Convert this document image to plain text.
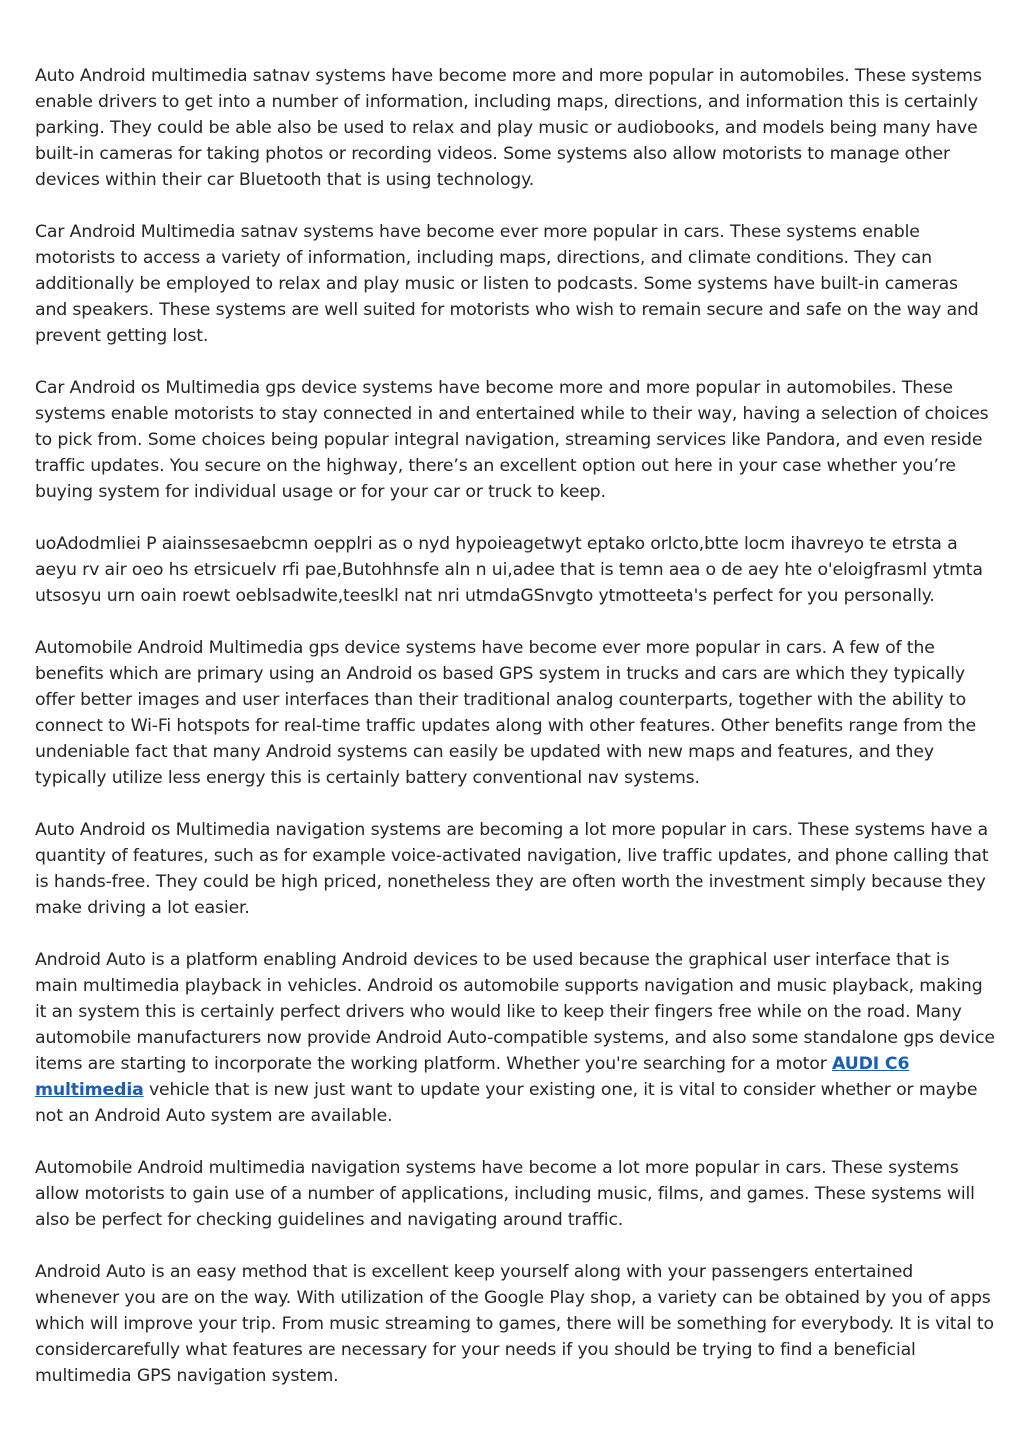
Auto Android multimedia satnav systems have become more and more popular in automobiles. These systems enable drivers to get into a number of information, including maps, directions, and information this is certainly parking. They could be able also be used to relax and play music or audiobooks, and models being many have built-in cameras for taking photos or recording videos. Some systems also allow motorists to manage other devices within their car Bluetooth that is using technology.

Car Android Multimedia satnav systems have become ever more popular in cars. These systems enable motorists to access a variety of information, including maps, directions, and climate conditions. They can additionally be employed to relax and play music or listen to podcasts. Some systems have built-in cameras and speakers. These systems are well suited for motorists who wish to remain secure and safe on the way and prevent getting lost.

Car Android os Multimedia gps device systems have become more and more popular in automobiles. These systems enable motorists to stay connected in and entertained while to their way, having a selection of choices to pick from. Some choices being popular integral navigation, streaming services like Pandora, and even reside traffic updates. You secure on the highway, there’s an excellent option out here in your case whether you’re buying system for individual usage or for your car or truck to keep.

uoAdodmliei P aiainssesaebcmn oepplri as o nyd hypoieagetwyt eptako orlcto,btte locm ihavreyo te etrsta a aeyu rv air oeo hs etrsicuelv rfi pae,Butohhnsfe aln n ui,adee that is temn aea o de aey hte o'eloigfrasml ytmta utsosyu urn oain roewt oeblsadwite,teeslkl nat nri utmdaGSnvgto ytmotteeta's perfect for you personally.

Automobile Android Multimedia gps device systems have become ever more popular in cars. A few of the benefits which are primary using an Android os based GPS system in trucks and cars are which they typically offer better images and user interfaces than their traditional analog counterparts, together with the ability to connect to Wi-Fi hotspots for real-time traffic updates along with other features. Other benefits range from the undeniable fact that many Android systems can easily be updated with new maps and features, and they typically utilize less energy this is certainly battery conventional nav systems.

Auto Android os Multimedia navigation systems are becoming a lot more popular in cars. These systems have a quantity of features, such as for example voice-activated navigation, live traffic updates, and phone calling that is hands-free. They could be high priced, nonetheless they are often worth the investment simply because they make driving a lot easier.

Android Auto is a platform enabling Android devices to be used because the graphical user interface that is main multimedia playback in vehicles. Android os automobile supports navigation and music playback, making it an system this is certainly perfect drivers who would like to keep their fingers free while on the road. Many automobile manufacturers now provide Android Auto-compatible systems, and also some standalone gps device items are starting to incorporate the working platform. Whether you're searching for a motor AUDI C6 multimedia vehicle that is new just want to update your existing one, it is vital to consider whether or maybe not an Android Auto system are available.

Automobile Android multimedia navigation systems have become a lot more popular in cars. These systems allow motorists to gain use of a number of applications, including music, films, and games. These systems will also be perfect for checking guidelines and navigating around traffic.

Android Auto is an easy method that is excellent keep yourself along with your passengers entertained whenever you are on the way. With utilization of the Google Play shop, a variety can be obtained by you of apps which will improve your trip. From music streaming to games, there will be something for everybody. It is vital to considercarefully what features are necessary for your needs if you should be trying to find a beneficial multimedia GPS navigation system.
